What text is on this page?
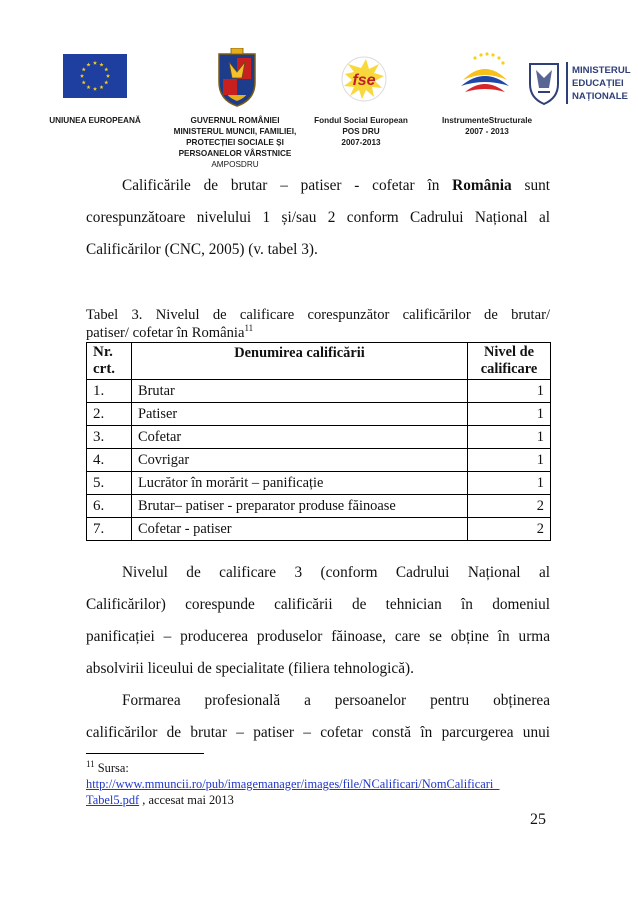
fse
MINISTERUL
EDUCAȚIEI
NAȚIONALE
UNIUNEA EUROPEANĂ	GUVERNUL ROMÂNIEI
MINISTERUL MUNCII, FAMILIEI,
PROTECȚIEI SOCIALE ȘI
PERSOANELOR VÂRSTNICE
AMPOSDRU
Fondul Social European
POS DRU
2007-2013
InstrumenteStructurale
2007 - 2013
Calificările de brutar – patiser - cofetar în România sunt
corespunzătoare nivelului 1 și/sau 2 conform Cadrului Național al
Calificărilor (CNC, 2005) (v. tabel 3).
Tabel 3. Nivelul de calificare corespunzător calificărilor de brutar/
patiser/ cofetar în România$^{11}$
Nr.
crt.	Denumirea calificării	Nivel de
calificare
1.	Brutar	1
2.	Patiser	1
3.	Cofetar	1
4.	Covrigar	1
5.	Lucrător în morărit – panificație	1
6.	Brutar– patiser - preparator produse făinoase	2
7.	Cofetar - patiser	2
Nivelul de calificare 3 (conform Cadrului Național al
Calificărilor) corespunde calificării de tehnician în domeniul
panificației – producerea produselor făinoase, care se obține în urma
absolvirii liceului de specialitate (filiera tehnologică).
Formarea profesională a persoanelor pentru obținerea
calificărilor de brutar – patiser – cofetar constă în parcurgerea unui
$^{11}$ Sursa:
http://www.mmuncii.ro/pub/imagemanager/images/file/NCalificari/NomCalificari_
Tabel5.pdf , accesat mai 2013
25
